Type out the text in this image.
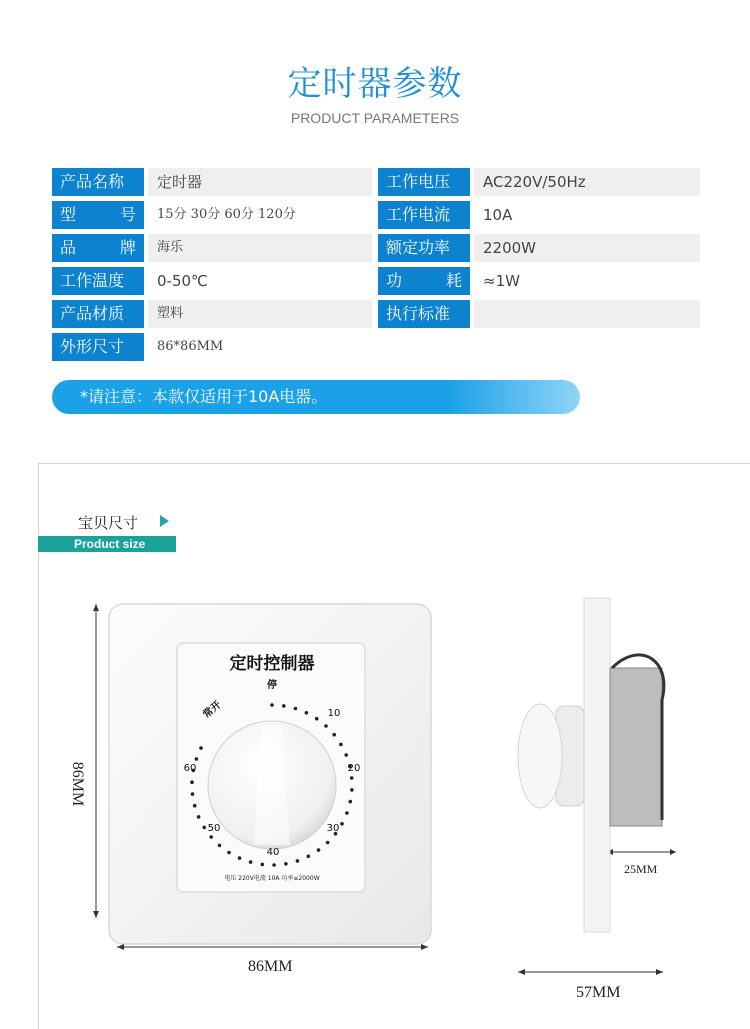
定时器参数
PRODUCT PARAMETERS
产品名称	定时器	工作电压	AC220V/50Hz
型　号	15分 30分 60分 120分	工作电流	10A
品　牌	海乐	额定功率	2200W
工作温度	0-50℃	功　耗	≈1W
产品材质	塑料	执行标准
外形尺寸	86*86MM
*请注意：本款仅适用于10A电器。
宝贝尺寸
Product size
定时控制器
停
常开	10
20
30
40
50
60
电压 220V电流 10A 功率≤2000W
86MM
86MM
25MM
57MM
